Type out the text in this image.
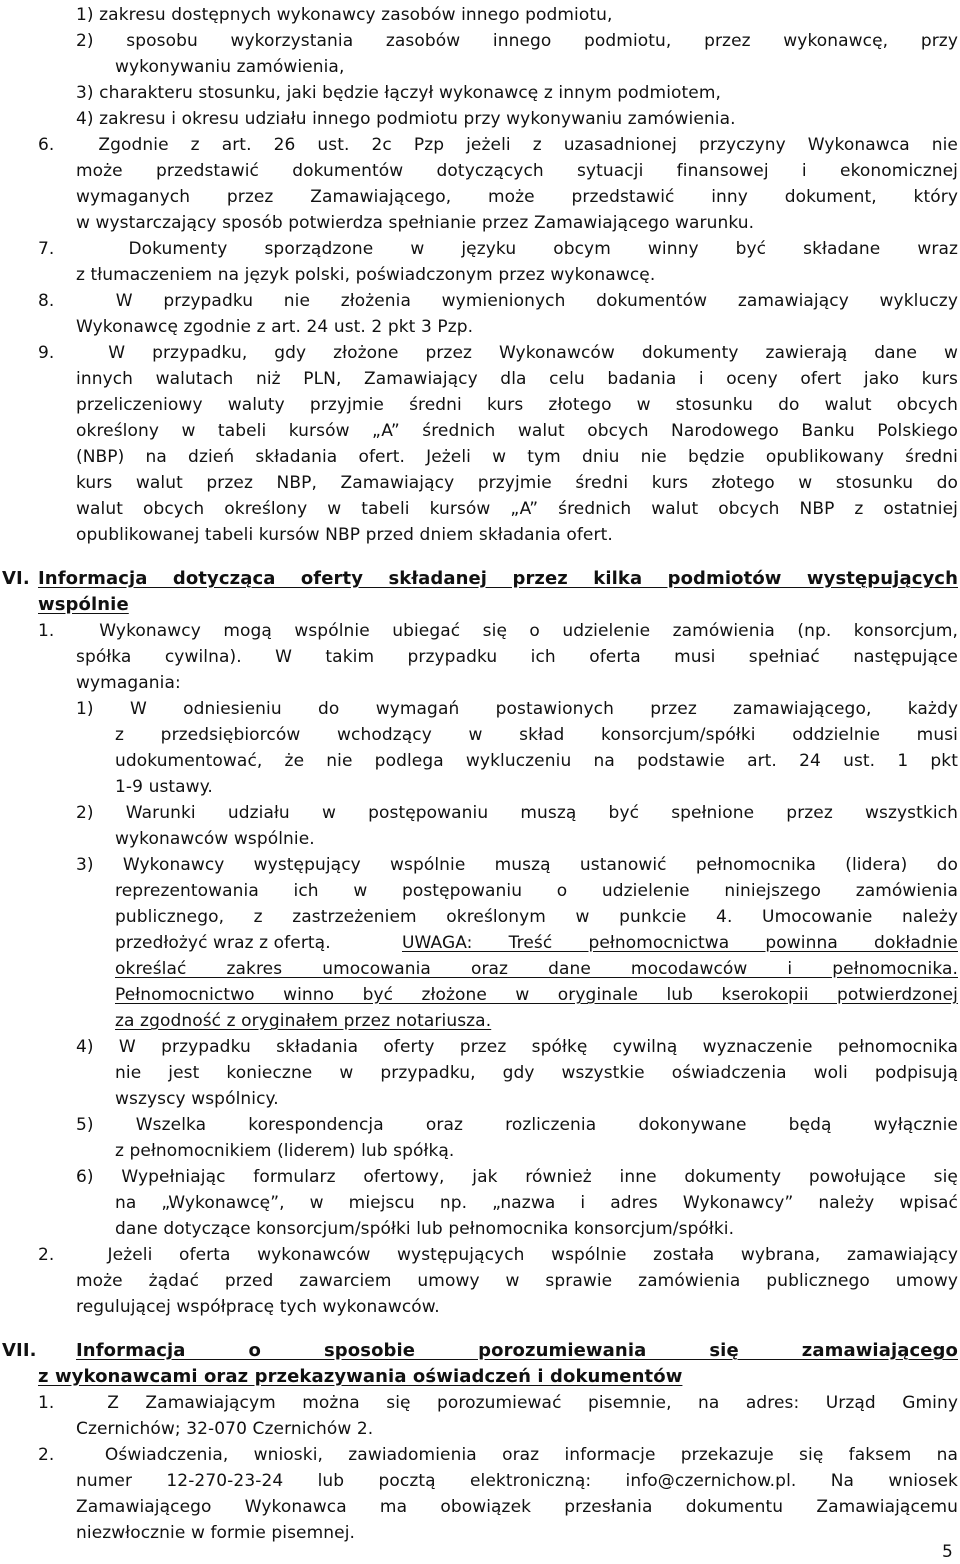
1) zakresu dostępnych wykonawcy zasobów innego podmiotu,
2) sposobu wykorzystania zasobów innego podmiotu, przez wykonawcę, przy
wykonywaniu zamówienia,
3) charakteru stosunku, jaki będzie łączył wykonawcę z innym podmiotem,
4) zakresu i okresu udziału innego podmiotu przy wykonywaniu zamówienia.
6.  Zgodnie z art. 26 ust. 2c Pzp jeżeli z uzasadnionej przyczyny Wykonawca nie
może przedstawić dokumentów dotyczących sytuacji finansowej i ekonomicznej
wymaganych przez Zamawiającego, może przedstawić inny dokument, który
w wystarczający sposób potwierdza spełnianie przez Zamawiającego warunku.
7.  Dokumenty sporządzone w języku obcym winny być składane wraz
z tłumaczeniem na język polski, poświadczonym przez wykonawcę.
8.  W przypadku nie złożenia wymienionych dokumentów zamawiający wykluczy
Wykonawcę zgodnie z art. 24 ust. 2 pkt 3 Pzp.
9.  W przypadku, gdy złożone przez Wykonawców dokumenty zawierają dane w
innych walutach niż PLN, Zamawiający dla celu badania i oceny ofert jako kurs
przeliczeniowy waluty przyjmie średni kurs złotego w stosunku do walut obcych
określony w tabeli kursów „A” średnich walut obcych Narodowego Banku Polskiego
(NBP) na dzień składania ofert. Jeżeli w tym dniu nie będzie opublikowany średni
kurs walut przez NBP, Zamawiający przyjmie średni kurs złotego w stosunku do
walut obcych określony w tabeli kursów „A” średnich walut obcych NBP z ostatniej
opublikowanej tabeli kursów NBP przed dniem składania ofert.
VI. Informacja dotycząca oferty składanej przez kilka podmiotów występujących
wspólnie
1.  Wykonawcy mogą wspólnie ubiegać się o udzielenie zamówienia (np. konsorcjum,
spółka cywilna). W takim przypadku ich oferta musi spełniać następujące
wymagania:
1) W odniesieniu do wymagań postawionych przez zamawiającego, każdy
z przedsiębiorców wchodzący w skład konsorcjum/spółki oddzielnie musi
udokumentować, że nie podlega wykluczeniu na podstawie art. 24 ust. 1 pkt
1-9 ustawy.
2) Warunki udziału w postępowaniu muszą być spełnione przez wszystkich
wykonawców wspólnie.
3) Wykonawcy występujący wspólnie muszą ustanowić pełnomocnika (lidera) do
reprezentowania ich w postępowaniu o udzielenie niniejszego zamówienia
publicznego, z zastrzeżeniem określonym w punkcie 4. Umocowanie należy
przedłożyć wraz z ofertą.	UWAGA: Treść pełnomocnictwa powinna dokładnie
określać zakres umocowania oraz dane mocodawców i pełnomocnika.
Pełnomocnictwo winno być złożone w oryginale lub kserokopii potwierdzonej
za zgodność z oryginałem przez notariusza.
4) W przypadku składania oferty przez spółkę cywilną wyznaczenie pełnomocnika
nie jest konieczne w przypadku, gdy wszystkie oświadczenia woli podpisują
wszyscy wspólnicy.
5) Wszelka korespondencja oraz rozliczenia dokonywane będą wyłącznie
z pełnomocnikiem (liderem) lub spółką.
6) Wypełniając formularz ofertowy, jak również inne dokumenty powołujące się
na „Wykonawcę”, w miejscu np. „nazwa i adres Wykonawcy” należy wpisać
dane dotyczące konsorcjum/spółki lub pełnomocnika konsorcjum/spółki.
2.  Jeżeli oferta wykonawców występujących wspólnie została wybrana, zamawiający
może żądać przed zawarciem umowy w sprawie zamówienia publicznego umowy
regulującej współpracę tych wykonawców.
VII. Informacja o sposobie porozumiewania się zamawiającego
z wykonawcami oraz przekazywania oświadczeń i dokumentów
1.  Z Zamawiającym można się porozumiewać pisemnie, na adres: Urząd Gminy
Czernichów; 32-070 Czernichów 2.
2.  Oświadczenia, wnioski, zawiadomienia oraz informacje przekazuje się faksem na
numer 12-270-23-24 lub pocztą elektroniczną: info@czernichow.pl. Na wniosek
Zamawiającego Wykonawca ma obowiązek przesłania dokumentu Zamawiającemu
niezwłocznie w formie pisemnej.
5
